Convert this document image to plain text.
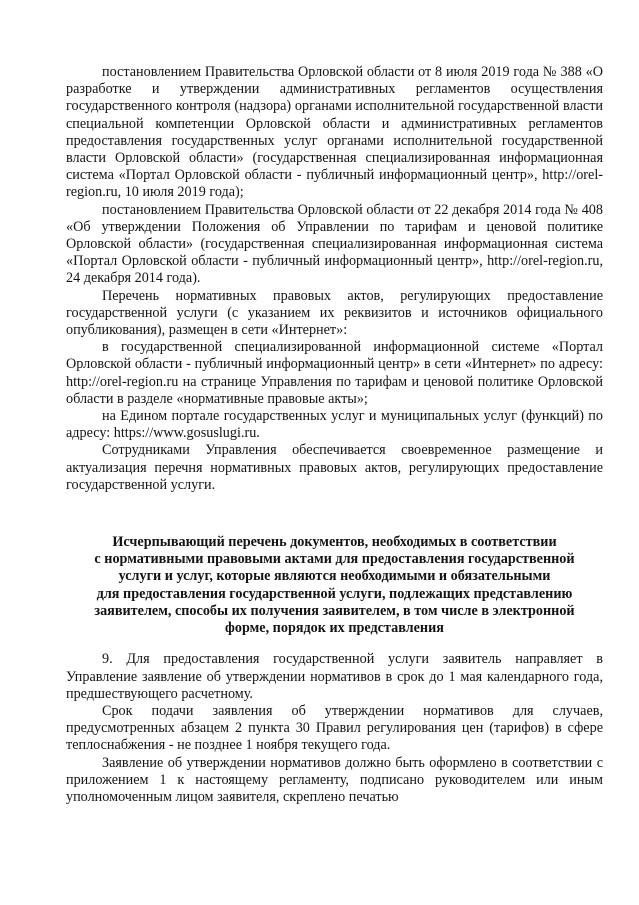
постановлением Правительства Орловской области от 8 июля 2019 года № 388 «О разработке и утверждении административных регламентов осуществления государственного контроля (надзора) органами исполнительной государственной власти специальной компетенции Орловской области и административных регламентов предоставления государственных услуг органами исполнительной государственной власти Орловской области» (государственная специализированная информационная система «Портал Орловской области - публичный информационный центр», http://orel-region.ru, 10 июля 2019 года);

постановлением Правительства Орловской области от 22 декабря 2014 года № 408 «Об утверждении Положения об Управлении по тарифам и ценовой политике Орловской области» (государственная специализированная информационная система «Портал Орловской области - публичный информационный центр», http://orel-region.ru, 24 декабря 2014 года).

Перечень нормативных правовых актов, регулирующих предоставление государственной услуги (с указанием их реквизитов и источников официального опубликования), размещен в сети «Интернет»:

в государственной специализированной информационной системе «Портал Орловской области - публичный информационный центр» в сети «Интернет» по адресу: http://orel-region.ru на странице Управления по тарифам и ценовой политике Орловской области в разделе «нормативные правовые акты»;

на Едином портале государственных услуг и муниципальных услуг (функций) по адресу: https://www.gosuslugi.ru.

Сотрудниками Управления обеспечивается своевременное размещение и актуализация перечня нормативных правовых актов, регулирующих предоставление государственной услуги.

Исчерпывающий перечень документов, необходимых в соответствии
с нормативными правовыми актами для предоставления государственной
услуги и услуг, которые являются необходимыми и обязательными
для предоставления государственной услуги, подлежащих представлению
заявителем, способы их получения заявителем, в том числе в электронной
форме, порядок их представления

9. Для предоставления государственной услуги заявитель направляет в Управление заявление об утверждении нормативов в срок до 1 мая календарного года, предшествующего расчетному.

Срок подачи заявления об утверждении нормативов для случаев, предусмотренных абзацем 2 пункта 30 Правил регулирования цен (тарифов) в сфере теплоснабжения - не позднее 1 ноября текущего года.

Заявление об утверждении нормативов должно быть оформлено в соответствии с приложением 1 к настоящему регламенту, подписано руководителем или иным уполномоченным лицом заявителя, скреплено печатью
